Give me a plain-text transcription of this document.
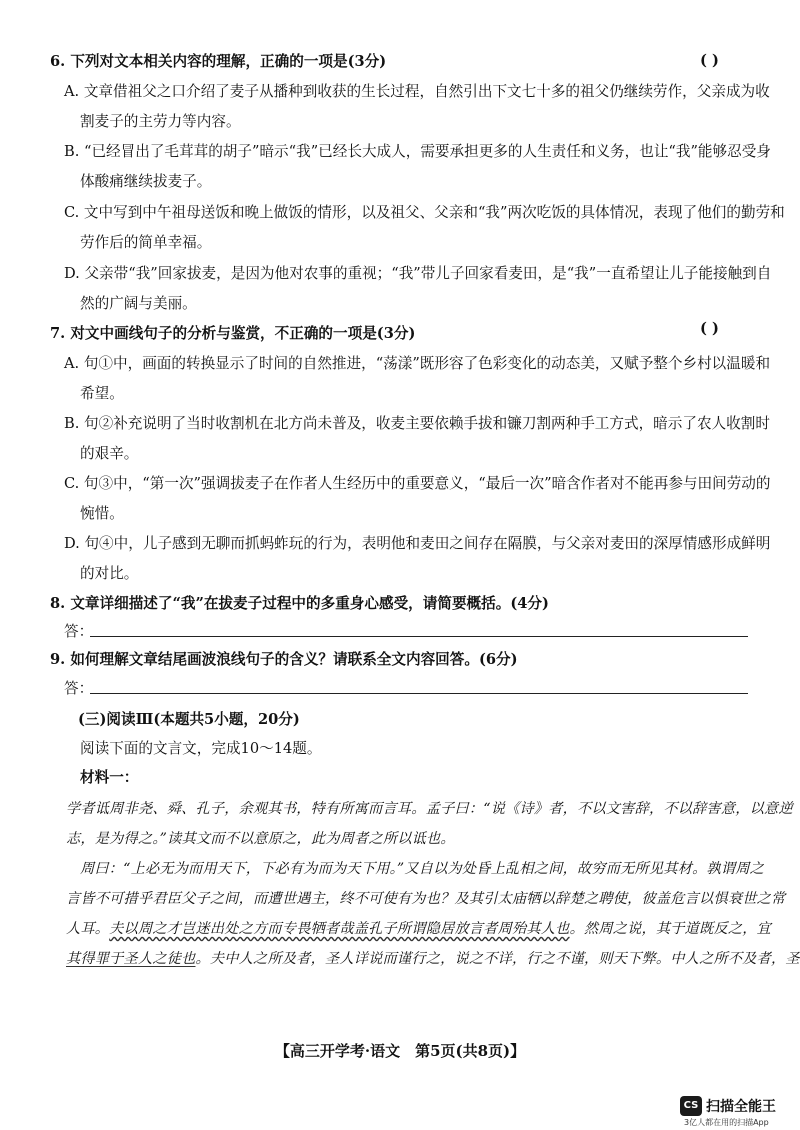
6. 下列对文本相关内容的理解，正确的一项是(3分)	( )
A. 文章借祖父之口介绍了麦子从播种到收获的生长过程，自然引出下文七十多的祖父仍继续劳作，父亲成为收
割麦子的主劳力等内容。
B. “已经冒出了毛茸茸的胡子”暗示“我”已经长大成人，需要承担更多的人生责任和义务，也让“我”能够忍受身
体酸痛继续拔麦子。
C. 文中写到中午祖母送饭和晚上做饭的情形，以及祖父、父亲和“我”两次吃饭的具体情况，表现了他们的勤劳和
劳作后的简单幸福。
D. 父亲带“我”回家拔麦，是因为他对农事的重视；“我”带儿子回家看麦田，是“我”一直希望让儿子能接触到自
然的广阔与美丽。
7. 对文中画线句子的分析与鉴赏，不正确的一项是(3分)	( )
A. 句①中，画面的转换显示了时间的自然推进，“荡漾”既形容了色彩变化的动态美，又赋予整个乡村以温暖和
希望。
B. 句②补充说明了当时收割机在北方尚未普及，收麦主要依赖手拔和镰刀割两种手工方式，暗示了农人收割时
的艰辛。
C. 句③中，“第一次”强调拔麦子在作者人生经历中的重要意义，“最后一次”暗含作者对不能再参与田间劳动的
惋惜。
D. 句④中，儿子感到无聊而抓蚂蚱玩的行为，表明他和麦田之间存在隔膜，与父亲对麦田的深厚情感形成鲜明
的对比。
8. 文章详细描述了“我”在拔麦子过程中的多重身心感受，请简要概括。(4分)
答：
9. 如何理解文章结尾画波浪线句子的含义？请联系全文内容回答。(6分)
答：
(三)阅读Ⅲ(本题共5小题，20分)
阅读下面的文言文，完成10～14题。
材料一：
学者诋周非尧、舜、孔子，余观其书，特有所寓而言耳。孟子曰：“说《诗》者，不以文害辞，不以辞害意，以意逆
志，是为得之。”读其文而不以意原之，此为周者之所以诋也。
周曰：“上必无为而用天下，下必有为而为天下用。”又自以为处昏上乱相之间，故穷而无所见其材。孰谓周之
言皆不可措乎君臣父子之间，而遭世遇主，终不可使有为也？及其引太庙牺以辞楚之聘使，彼盖危言以惧衰世之常
人耳。夫以周之才岂迷出处之方而专畏牺者哉盖孔子所谓隐居放言者周殆其人也。然周之说，其于道既反之，宜
其得罪于圣人之徒也。夫中人之所及者，圣人详说而谨行之，说之不详，行之不谨，则天下弊。中人之所不及者，圣
【高三开学考·语文　第5页(共8页)】
CS 扫描全能王
3亿人都在用的扫描App
